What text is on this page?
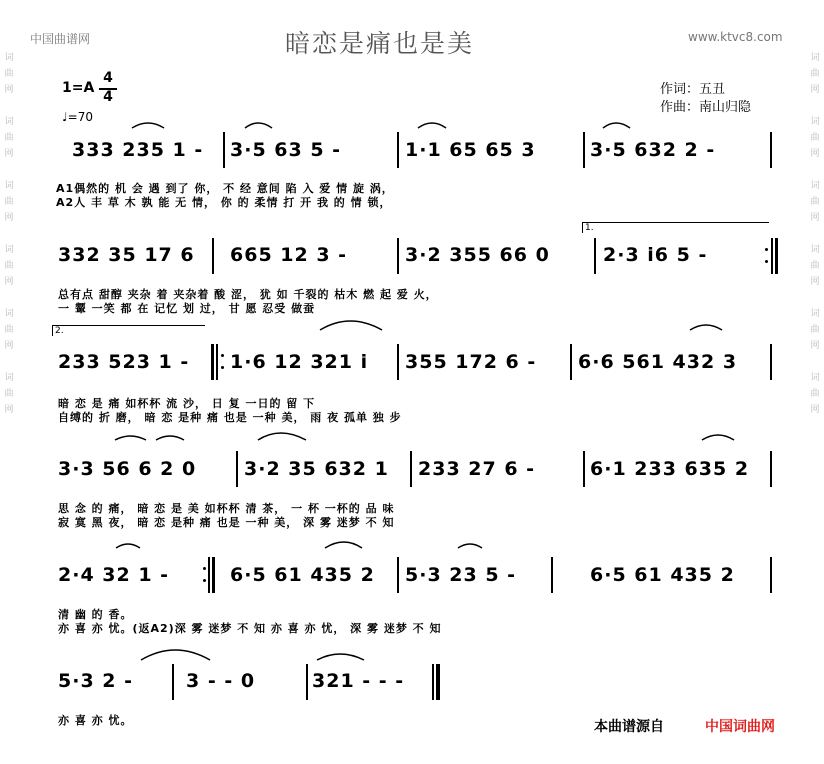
词曲网

词曲网

词曲网

词曲网

词曲网

词曲网
词曲网

词曲网

词曲网

词曲网

词曲网

词曲网
中国曲谱网	www.ktvc8.com
暗恋是痛也是美
1=A
4
4
♩=70
作词：五丑
作曲：南山归隐
333 235 1 - 3·5 63 5 -	1·1 65 65 3	3·5 632 2 -
A1偶然的 机 会 遇 到了 你， 不 经 意间 陷 入 爱 情 旋 涡，
A2人 丰 草 木 孰 能 无 情， 你 的 柔情 打 开 我 的 情 锁，
1.
332 35 17 6 665 12 3 -	3·2 355 66 0	2·3 i6 5 -
总有点 甜醇 夹杂 着 夹杂着 酸 涩， 犹 如 千裂的 枯木 燃 起 爱 火，
一 颦 一笑 都 在 记忆 划 过， 甘 愿 忍受 做蚕
2.
233 523 1 - 1·6 12 321 i 355 172 6 - 6·6 561 432 3
暗 恋 是 痛 如杯杯 流 沙， 日 复 一日的 留 下
自缚的 折 磨， 暗 恋 是种 痛 也是 一种 美， 雨 夜 孤单 独 步
3·3 56 6 2 0	3·2 35 632 1 233 27 6 -	6·1 233 635 2
思 念 的 痛， 暗 恋 是 美 如杯杯 清 茶， 一 杯 一杯的 品 味
寂 寞 黑 夜， 暗 恋 是种 痛 也是 一种 美， 深 雾 迷梦 不 知
2·4 32 1 -	6·5 61 435 2 5·3 23 5 -	6·5 61 435 2
清 幽 的 香。
亦 喜 亦 忧。(返A2)深 雾 迷梦 不 知 亦 喜 亦 忧， 深 雾 迷梦 不 知
5·3 2 -	3 - - 0	321 - - -
亦 喜 亦 忧。	本曲谱源自	中国词曲网
